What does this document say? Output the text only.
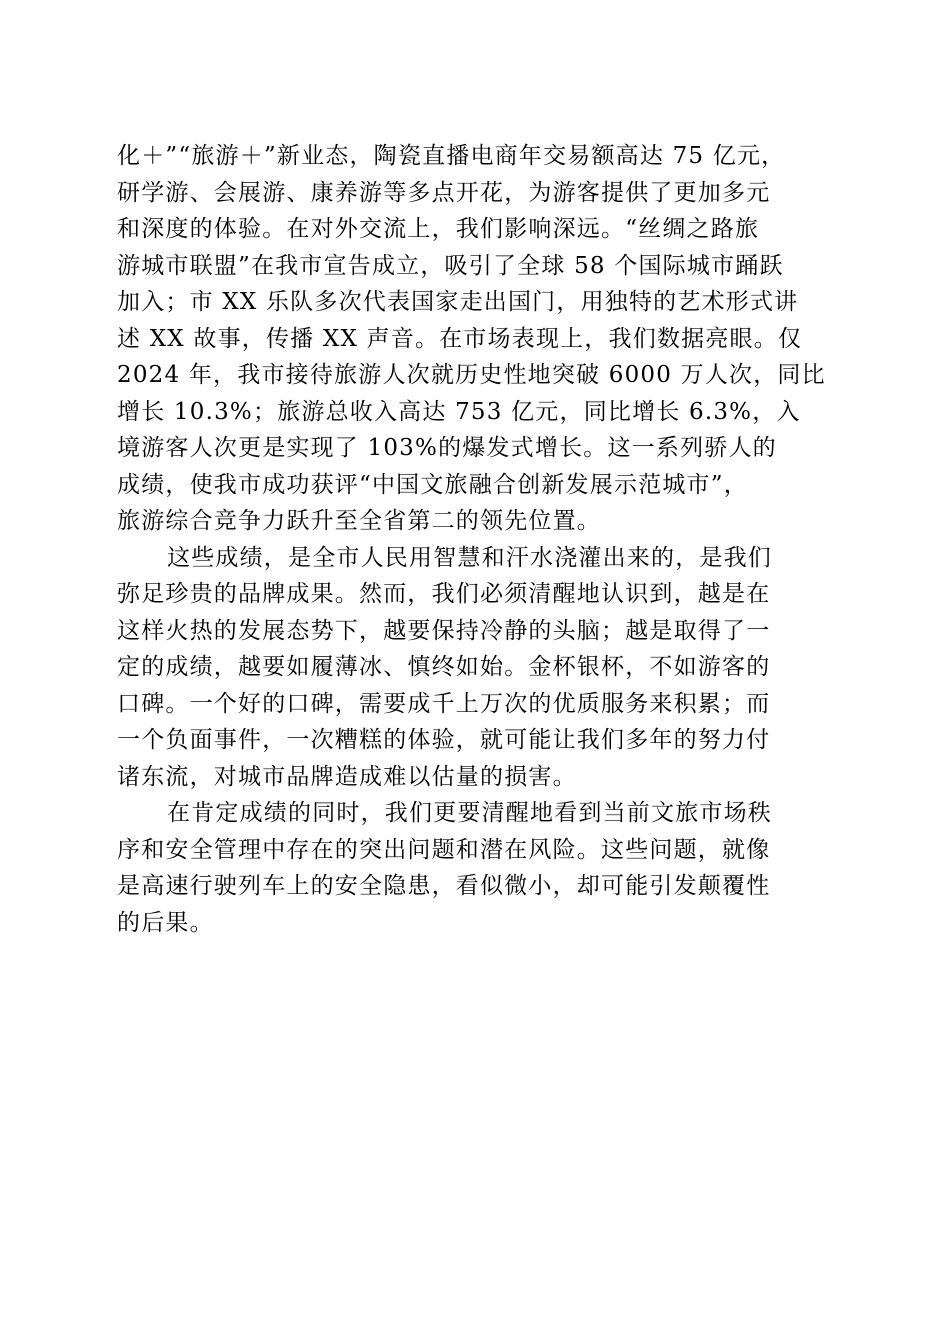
化＋”“旅游＋”新业态，陶瓷直播电商年交易额高达 75 亿元，
研学游、会展游、康养游等多点开花，为游客提供了更加多元
和深度的体验。在对外交流上，我们影响深远。“丝绸之路旅
游城市联盟”在我市宣告成立，吸引了全球 58 个国际城市踊跃
加入；市 XX 乐队多次代表国家走出国门，用独特的艺术形式讲
述 XX 故事，传播 XX 声音。在市场表现上，我们数据亮眼。仅
2024 年，我市接待旅游人次就历史性地突破 6000 万人次，同比
增长 10.3%；旅游总收入高达 753 亿元，同比增长 6.3%，入
境游客人次更是实现了 103%的爆发式增长。这一系列骄人的
成绩，使我市成功获评“中国文旅融合创新发展示范城市”，
旅游综合竞争力跃升至全省第二的领先位置。
这些成绩，是全市人民用智慧和汗水浇灌出来的，是我们
弥足珍贵的品牌成果。然而，我们必须清醒地认识到，越是在
这样火热的发展态势下，越要保持冷静的头脑；越是取得了一
定的成绩，越要如履薄冰、慎终如始。金杯银杯，不如游客的
口碑。一个好的口碑，需要成千上万次的优质服务来积累；而
一个负面事件，一次糟糕的体验，就可能让我们多年的努力付
诸东流，对城市品牌造成难以估量的损害。
在肯定成绩的同时，我们更要清醒地看到当前文旅市场秩
序和安全管理中存在的突出问题和潜在风险。这些问题，就像
是高速行驶列车上的安全隐患，看似微小，却可能引发颠覆性
的后果。
